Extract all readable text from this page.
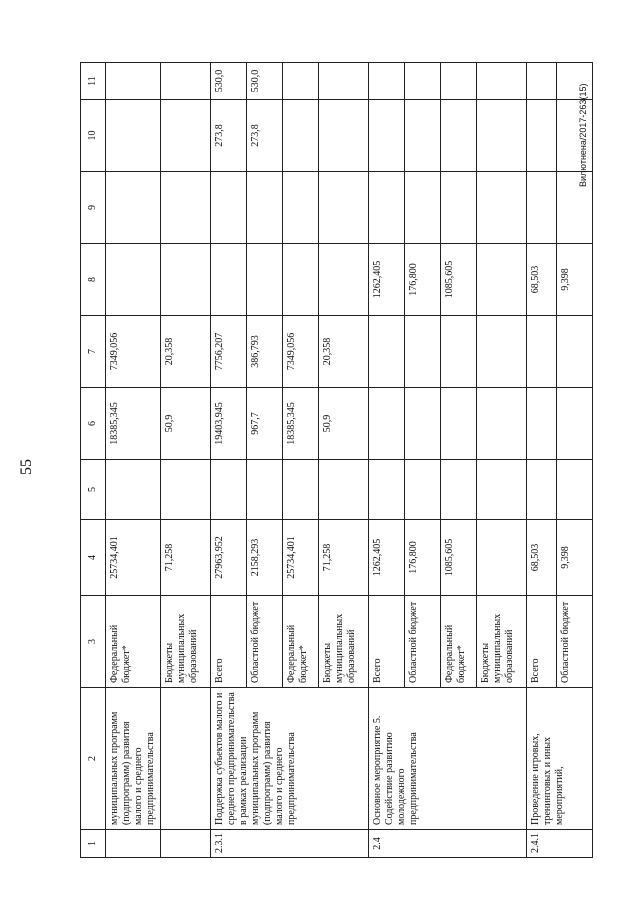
55
1	2	3	4	5	6	7	8	9	10	11
	муниципальных программ (подпрограмм) развития малого и среднего предпринимательства	Федеральный бюджет*	25734,401		18385,345	7349,056				
		Бюджеты муниципальных образований	71,258		50,9	20,358				
2.3.1	Поддержка субъектов малого и среднего предпринимательства в рамках реализации муниципальных программ (подпрограмм) развития малого и среднего предпринимательства	Всего	27963,952		19403,945	7756,207			273,8	530,0
		Областной бюджет	2158,293		967,7	386,793			273,8	530,0
		Федеральный бюджет*	25734,401		18385,345	7349,056				
		Бюджеты муниципальных образований	71,258		50,9	20,358				
2.4	Основное мероприятие 5. Содействие развитию молодежного предпринимательства	Всего	1262,405				1262,405			
		Областной бюджет	176,800				176,800			
		Федеральный бюджет*	1085,605				1085,605			
		Бюджеты муниципальных образований								
2.4.1	Проведение игровых, тренинговых и иных мероприятий,	Всего	68,503				68,503			
		Областной бюджет	9,398				9,398			
Вилютнена/2017-263(15)
